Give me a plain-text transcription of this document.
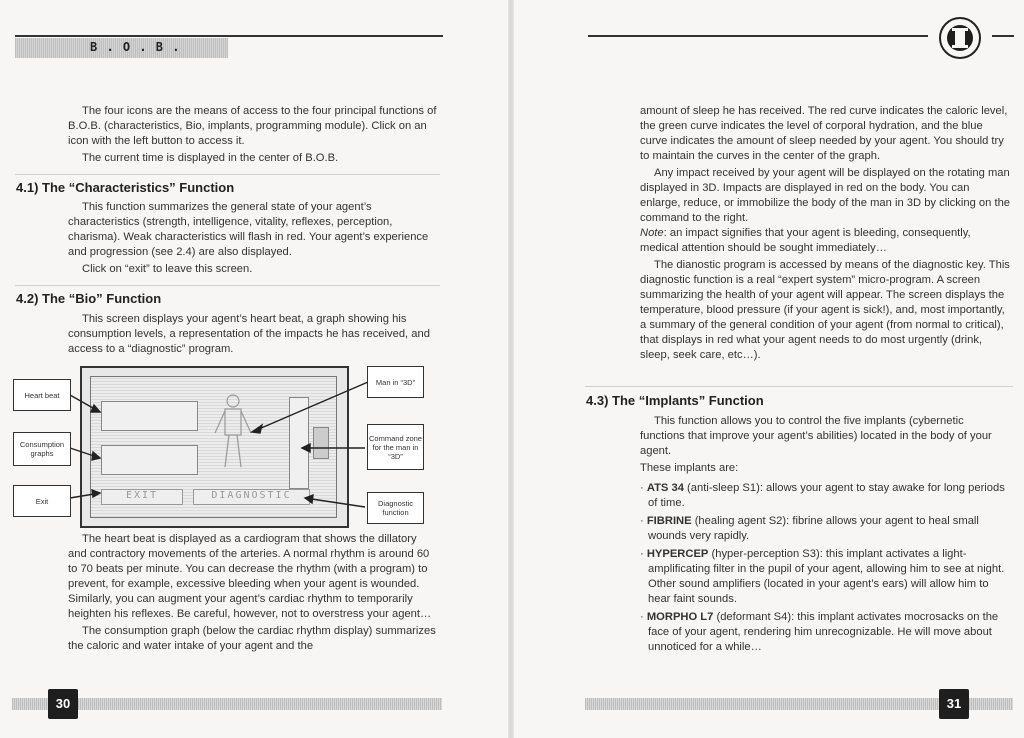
B . O . B .

The four icons are the means of access to the four principal functions of B.O.B. (characteristics, Bio, implants, programming module). Click on an icon with the left button to access it.

The current time is displayed in the center of B.O.B.

4.1) The “Characteristics” Function

This function summarizes the general state of your agent’s characteristics (strength, intelligence, vitality, reflexes, perception, charisma). Weak characteristics will flash in red. Your agent’s experience and progression (see 2.4) are also displayed.

Click on “exit” to leave this screen.

4.2) The “Bio” Function

This screen displays your agent’s heart beat, a graph showing his consumption levels, a representation of the impacts he has received, and access to a “diagnostic” program.

EXIT	DIAGNOSTIC
Heart beat
Consumption graphs
Exit
Man in “3D”
Command zone for the man in “3D”
Diagnostic function

The heart beat is displayed as a cardiogram that shows the dillatory and contractory movements of the arteries. A normal rhythm is around 60 to 70 beats per minute. You can decrease the rhythm (with a program) to prevent, for example, excessive bleeding when your agent is wounded. Similarly, you can augment your agent’s cardiac rhythm to temporarily heighten his reflexes. Be careful, however, not to overstress your agent…

The consumption graph (below the cardiac rhythm display) summarizes the caloric and water intake of your agent and the

30

amount of sleep he has received. The red curve indicates the caloric level, the green curve indicates the level of corporal hydration, and the blue curve indicates the amount of sleep needed by your agent. You should try to maintain the curves in the center of the graph.

Any impact received by your agent will be displayed on the rotating man displayed in 3D. Impacts are displayed in red on the body. You can enlarge, reduce, or immobilize the body of the man in 3D by clicking on the command to the right.

Note: an impact signifies that your agent is bleeding, consequently, medical attention should be sought immediately…

The dianostic program is accessed by means of the diagnostic key. This diagnostic function is a real “expert system” micro-program. A screen summarizing the health of your agent will appear. The screen displays the temperature, blood pressure (if your agent is sick!), and, most importantly, a summary of the general condition of your agent (from normal to critical), that displays in red what your agent needs to do most urgently (drink, sleep, seek care, etc…).

4.3) The “Implants” Function

This function allows you to control the five implants (cybernetic functions that improve your agent’s abilities) located in the body of your agent.

These implants are:

· ATS 34 (anti-sleep S1): allows your agent to stay awake for long periods of time.

· FIBRINE (healing agent S2): fibrine allows your agent to heal small wounds very rapidly.

· HYPERCEP (hyper-perception S3): this implant activates a light-amplificating filter in the pupil of your agent, allowing him to see at night. Other sound amplifiers (located in your agent’s ears) will allow him to hear faint sounds.

· MORPHO L7 (deformant S4): this implant activates mocrosacks on the face of your agent, rendering him unrecognizable. He will move about unnoticed for a while…

31
